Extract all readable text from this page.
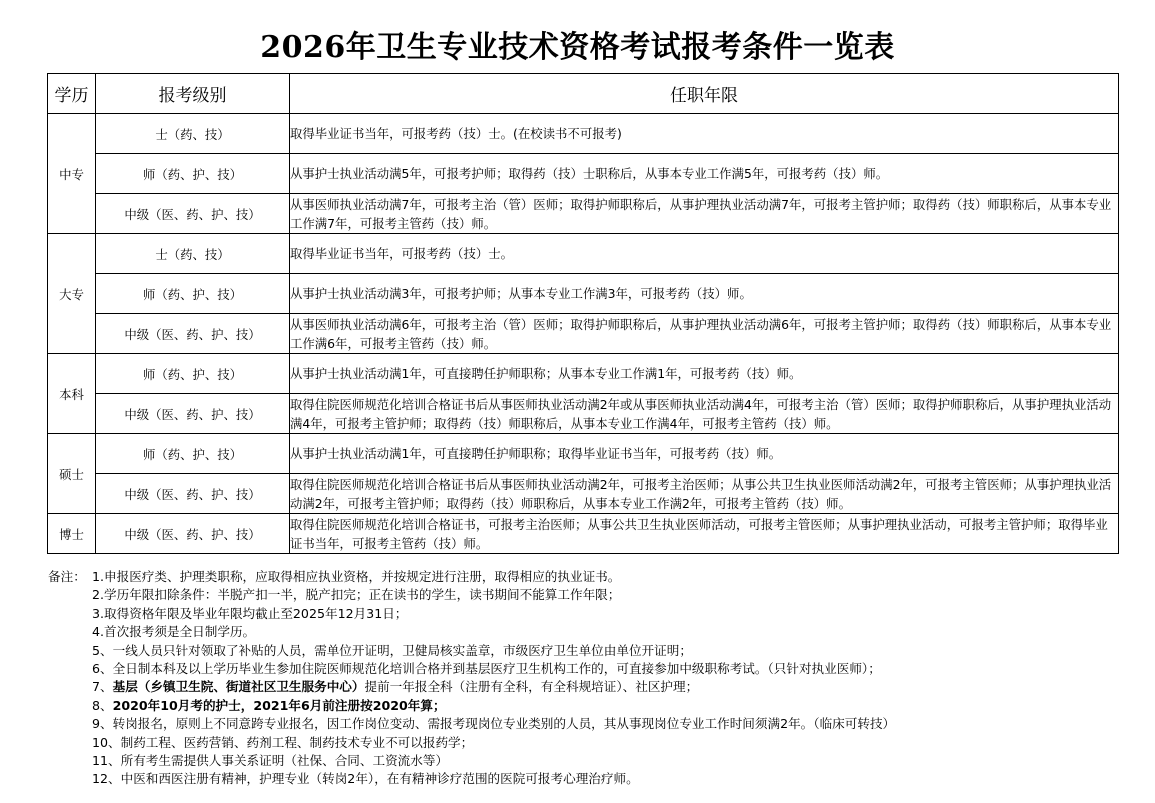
2026年卫生专业技术资格考试报考条件一览表
学历	报考级别	任职年限
中专	士（药、技）	取得毕业证书当年，可报考药（技）士。(在校读书不可报考)
	师（药、护、技）	从事护士执业活动满5年，可报考护师；取得药（技）士职称后，从事本专业工作满5年，可报考药（技）师。
	中级（医、药、护、技）	从事医师执业活动满7年，可报考主治（管）医师；取得护师职称后，从事护理执业活动满7年，可报考主管护师；取得药（技）师职称后，从事本专业工作满7年，可报考主管药（技）师。
大专	士（药、技）	取得毕业证书当年，可报考药（技）士。
	师（药、护、技）	从事护士执业活动满3年，可报考护师；从事本专业工作满3年，可报考药（技）师。
	中级（医、药、护、技）	从事医师执业活动满6年，可报考主治（管）医师；取得护师职称后，从事护理执业活动满6年，可报考主管护师；取得药（技）师职称后，从事本专业工作满6年，可报考主管药（技）师。
本科	师（药、护、技）	从事护士执业活动满1年，可直接聘任护师职称；从事本专业工作满1年，可报考药（技）师。
	中级（医、药、护、技）	取得住院医师规范化培训合格证书后从事医师执业活动满2年或从事医师执业活动满4年，可报考主治（管）医师；取得护师职称后，从事护理执业活动满4年，可报考主管护师；取得药（技）师职称后，从事本专业工作满4年，可报考主管药（技）师。
硕士	师（药、护、技）	从事护士执业活动满1年，可直接聘任护师职称；取得毕业证书当年，可报考药（技）师。
	中级（医、药、护、技）	取得住院医师规范化培训合格证书后从事医师执业活动满2年，可报考主治医师；从事公共卫生执业医师活动满2年，可报考主管医师；从事护理执业活动满2年，可报考主管护师；取得药（技）师职称后，从事本专业工作满2年，可报考主管药（技）师。
博士	中级（医、药、护、技）	取得住院医师规范化培训合格证书，可报考主治医师；从事公共卫生执业医师活动，可报考主管医师；从事护理执业活动，可报考主管护师；取得毕业证书当年，可报考主管药（技）师。
备注： 1.申报医疗类、护理类职称，应取得相应执业资格，并按规定进行注册，取得相应的执业证书。
2.学历年限扣除条件：半脱产扣一半，脱产扣完；正在读书的学生，读书期间不能算工作年限；
3.取得资格年限及毕业年限均截止至2025年12月31日；
4.首次报考须是全日制学历。
5、一线人员只针对领取了补贴的人员，需单位开证明，卫健局核实盖章，市级医疗卫生单位由单位开证明；
6、全日制本科及以上学历毕业生参加住院医师规范化培训合格并到基层医疗卫生机构工作的，可直接参加中级职称考试。（只针对执业医师）；
7、基层（乡镇卫生院、街道社区卫生服务中心）提前一年报全科（注册有全科，有全科规培证）、社区护理；
8、2020年10月考的护士，2021年6月前注册按2020年算；
9、转岗报名，原则上不同意跨专业报名，因工作岗位变动、需报考现岗位专业类别的人员，其从事现岗位专业工作时间须满2年。（临床可转技）
10、制药工程、医药营销、药剂工程、制药技术专业不可以报药学；
11、所有考生需提供人事关系证明（社保、合同、工资流水等）
12、中医和西医注册有精神，护理专业（转岗2年），在有精神诊疗范围的医院可报考心理治疗师。
